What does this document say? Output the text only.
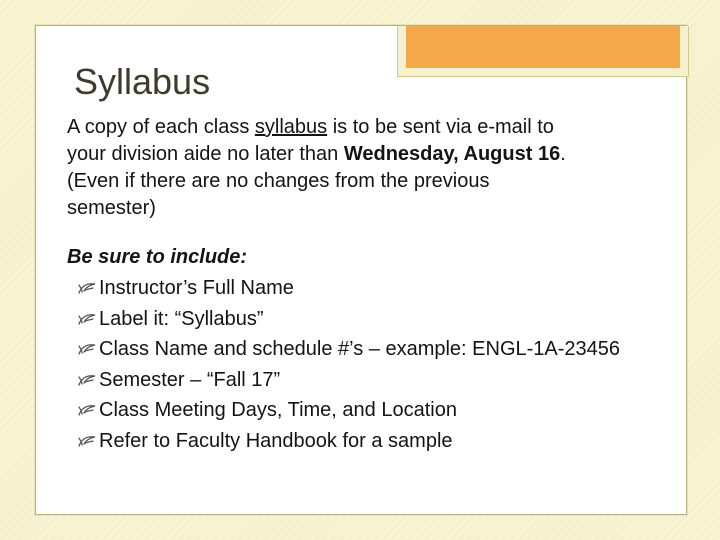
Syllabus
A copy of each class syllabus is to be sent via e-mail to your division aide no later than Wednesday, August 16. (Even if there are no changes from the previous semester)
Be sure to include:
Instructor’s Full Name
Label it: “Syllabus”
Class Name and schedule #’s – example: ENGL-1A-23456
Semester – “Fall 17”
Class Meeting Days, Time, and Location
Refer to Faculty Handbook for a sample
